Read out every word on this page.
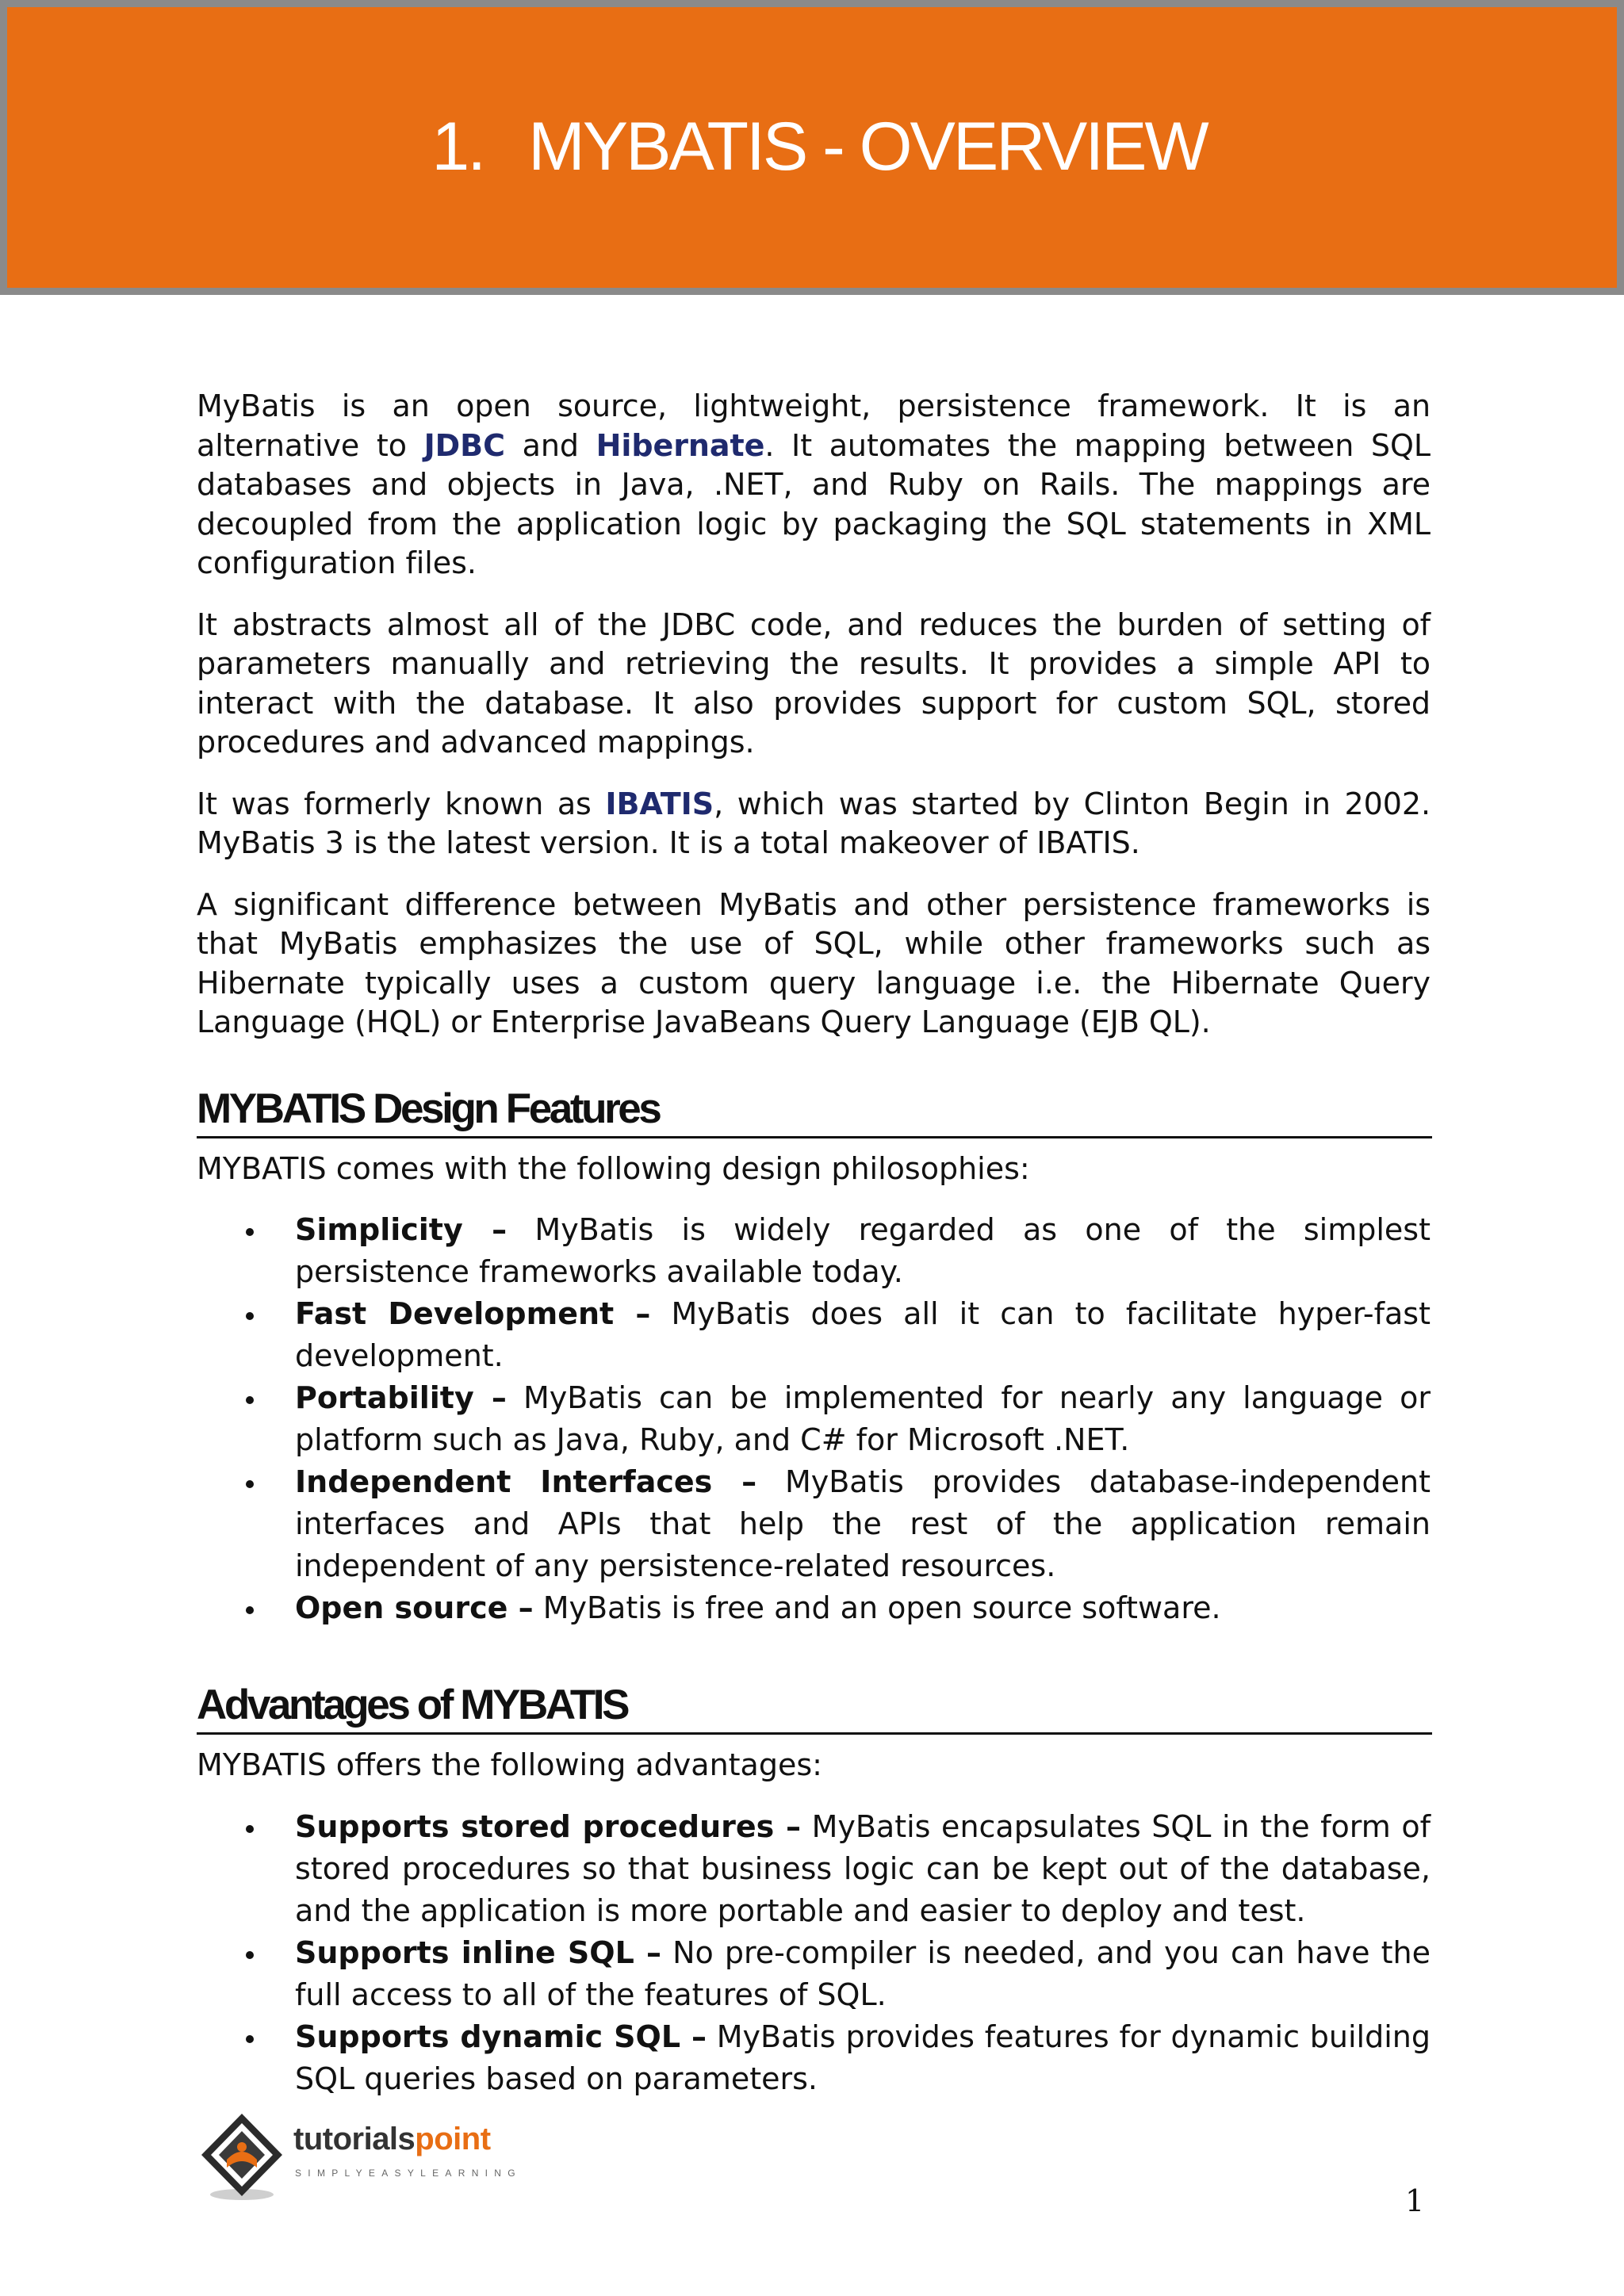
1. MYBATIS - OVERVIEW

MyBatis is an open source, lightweight, persistence framework. It is an alternative to JDBC and Hibernate. It automates the mapping between SQL databases and objects in Java, .NET, and Ruby on Rails. The mappings are decoupled from the application logic by packaging the SQL statements in XML configuration files.

It abstracts almost all of the JDBC code, and reduces the burden of setting of parameters manually and retrieving the results. It provides a simple API to interact with the database. It also provides support for custom SQL, stored procedures and advanced mappings.

It was formerly known as IBATIS, which was started by Clinton Begin in 2002. MyBatis 3 is the latest version. It is a total makeover of IBATIS.

A significant difference between MyBatis and other persistence frameworks is that MyBatis emphasizes the use of SQL, while other frameworks such as Hibernate typically uses a custom query language i.e. the Hibernate Query Language (HQL) or Enterprise JavaBeans Query Language (EJB QL).

MYBATIS Design Features

MYBATIS comes with the following design philosophies:

Simplicity – MyBatis is widely regarded as one of the simplest persistence frameworks available today.
Fast Development – MyBatis does all it can to facilitate hyper-fast development.
Portability – MyBatis can be implemented for nearly any language or platform such as Java, Ruby, and C# for Microsoft .NET.
Independent Interfaces – MyBatis provides database-independent interfaces and APIs that help the rest of the application remain independent of any persistence-related resources.
Open source – MyBatis is free and an open source software.
Advantages of MYBATIS

MYBATIS offers the following advantages:

Supports stored procedures – MyBatis encapsulates SQL in the form of stored procedures so that business logic can be kept out of the database, and the application is more portable and easier to deploy and test.
Supports inline SQL – No pre-compiler is needed, and you can have the full access to all of the features of SQL.
Supports dynamic SQL – MyBatis provides features for dynamic building SQL queries based on parameters.
tutorialspoint
SIMPLYEASYLEARNING
1
